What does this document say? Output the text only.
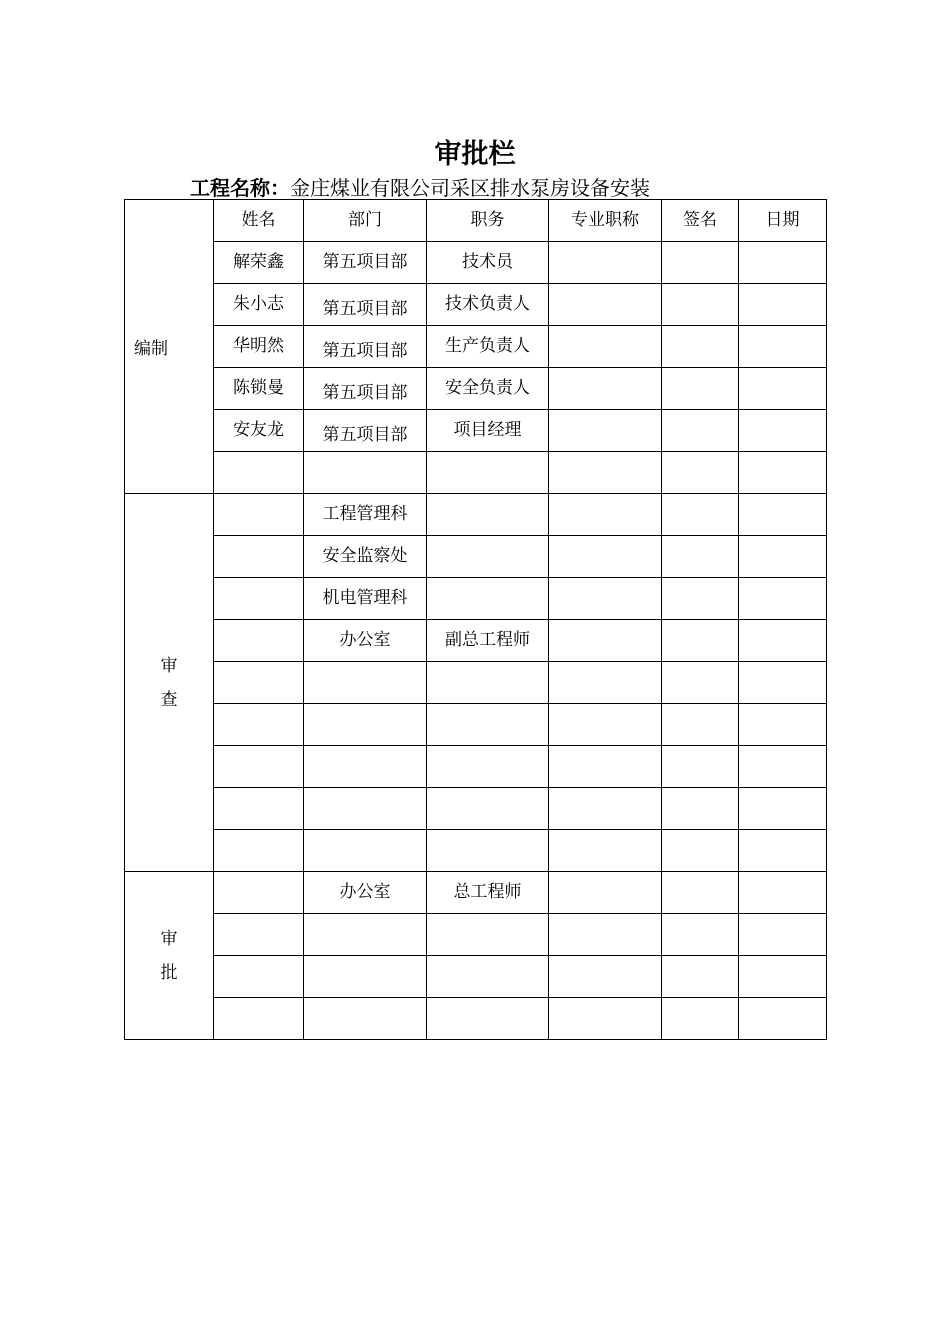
审批栏
工程名称：金庄煤业有限公司采区排水泵房设备安装
编制	姓名	部门	职务	专业职称	签名	日期

	解荣鑫	第五项目部	技术员			

	朱小志	第五项目部	技术负责人			

	华明然	第五项目部	生产负责人			

	陈锁曼	第五项目部	安全负责人			

	安友龙	第五项目部	项目经理			

审
查		工程管理科				

		安全监察处				

		机电管理科				

		办公室	副总工程师			

审
批		办公室	总工程师			
